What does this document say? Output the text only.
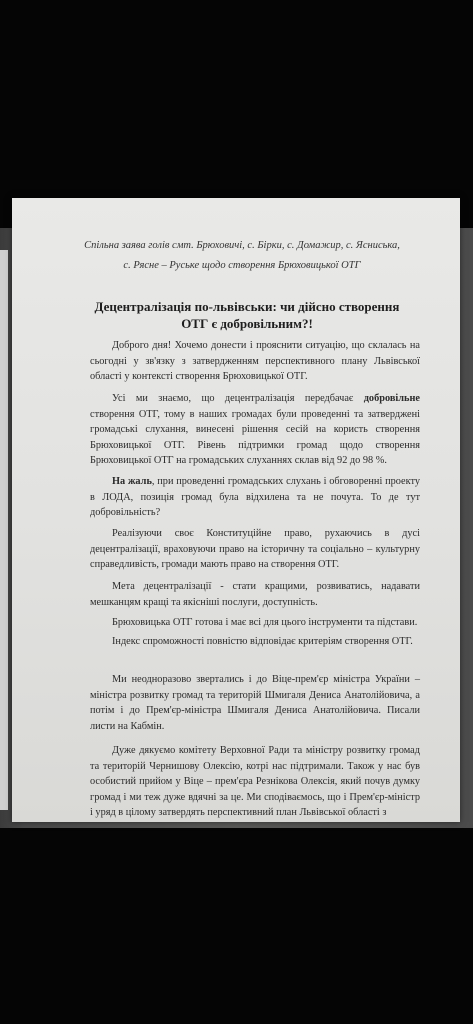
Спільна заява голів смт. Брюховичі, с. Бірки, с. Домажир, с. Ясниська,
с. Рясне – Руське щодо створення Брюховицької ОТГ
Децентралізація по-львівськи: чи дійсно створення ОТГ є добровільним?!
Доброго дня! Хочемо донести і прояснити ситуацію, що склалась на сьогодні у зв'язку з затвердженням перспективного плану Львівської області у контексті створення Брюховицької ОТГ.
Усі ми знаємо, що децентралізація передбачає добровільне створення ОТГ, тому в наших громадах були проведенні та затверджені громадські слухання, винесені рішення сесій на користь створення Брюховицької ОТГ. Рівень підтримки громад щодо створення Брюховицької ОТГ на громадських слуханнях склав від 92 до 98 %.
На жаль, при проведенні громадських слухань і обговоренні проекту в ЛОДА, позиція громад була відхилена та не почута. То де тут добровільність?
Реалізуючи своє Конституційне право, рухаючись в дусі децентралізації, враховуючи право на історичну та соціально – культурну справедливість, громади мають право на створення ОТГ.
Мета децентралізації - стати кращими, розвиватись, надавати мешканцям кращі та якісніші послуги, доступність.
Брюховицька ОТГ готова і має всі для цього інструменти та підстави.
Індекс спроможності повністю відповідає критеріям створення ОТГ.
Ми неодноразово звертались і до Віце-прем'єр міністра України – міністра розвитку громад та територій Шмигаля Дениса Анатолійовича, а потім і до Прем'єр-міністра Шмигаля Дениса Анатолійовича. Писали листи на Кабмін.
Дуже дякуємо комітету Верховної Ради та міністру розвитку громад та територій Чернишову Олексію, котрі нас підтримали. Також у нас був особистий прийом у Віце – прем'єра Резнікова Олексія, який почув думку громад і ми теж дуже вдячні за це. Ми сподіваємось, що і Прем'єр-міністр і уряд в цілому затвердять перспективний план Львівської області з
